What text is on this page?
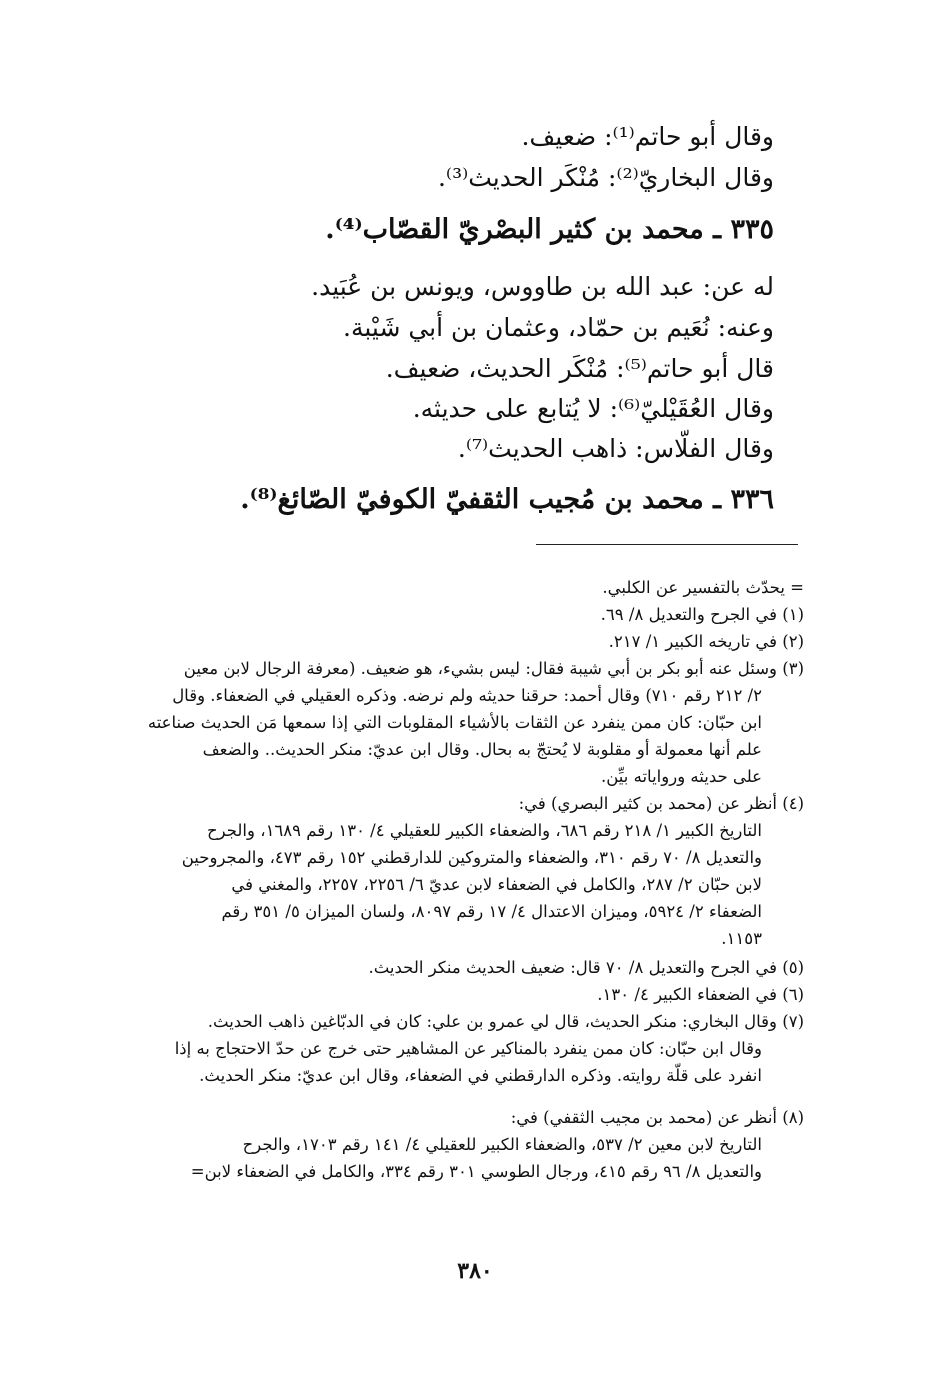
وقال أبو حاتم⁽¹⁾: ضعيف.
وقال البخاريّ⁽²⁾: مُنْكَر الحديث⁽³⁾.
٣٣٥ ـ محمد بن كثير البصْريّ القصّاب⁽⁴⁾.
له عن: عبد الله بن طاووس، ويونس بن عُبَيد.
وعنه: نُعَيم بن حمّاد، وعثمان بن أبي شَيْبة.
قال أبو حاتم⁽⁵⁾: مُنْكَر الحديث، ضعيف.
وقال العُقَيْليّ⁽⁶⁾: لا يُتابع على حديثه.
وقال الفلّاس: ذاهب الحديث⁽⁷⁾.
٣٣٦ ـ محمد بن مُجيب الثقفيّ الكوفيّ الصّائغ⁽⁸⁾.
= يحدّث بالتفسير عن الكلبي.
(١) في الجرح والتعديل ٨/ ٦٩.
(٢) في تاريخه الكبير ١/ ٢١٧.
(٣) وسئل عنه أبو بكر بن أبي شيبة فقال: ليس بشيء، هو ضعيف. (معرفة الرجال لابن معين
٢/ ٢١٢ رقم ٧١٠) وقال أحمد: حرقنا حديثه ولم نرضه. وذكره العقيلي في الضعفاء. وقال
ابن حبّان: كان ممن ينفرد عن الثقات بالأشياء المقلوبات التي إذا سمعها مَن الحديث صناعته
علم أنها معمولة أو مقلوبة لا يُحتجّ به بحال. وقال ابن عديّ: منكر الحديث.. والضعف
على حديثه ورواياته بيِّن.
(٤) أنظر عن (محمد بن كثير البصري) في:
التاريخ الكبير ١/ ٢١٨ رقم ٦٨٦، والضعفاء الكبير للعقيلي ٤/ ١٣٠ رقم ١٦٨٩، والجرح
والتعديل ٨/ ٧٠ رقم ٣١٠، والضعفاء والمتروكين للدارقطني ١٥٢ رقم ٤٧٣، والمجروحين
لابن حبّان ٢/ ٢٨٧، والكامل في الضعفاء لابن عديّ ٦/ ٢٢٥٦، ٢٢٥٧، والمغني في
الضعفاء ٢/ ٥٩٢٤، وميزان الاعتدال ٤/ ١٧ رقم ٨٠٩٧، ولسان الميزان ٥/ ٣٥١ رقم
١١٥٣.
(٥) في الجرح والتعديل ٨/ ٧٠ قال: ضعيف الحديث منكر الحديث.
(٦) في الضعفاء الكبير ٤/ ١٣٠.
(٧) وقال البخاري: منكر الحديث، قال لي عمرو بن علي: كان في الدبّاغين ذاهب الحديث.
وقال ابن حبّان: كان ممن ينفرد بالمناكير عن المشاهير حتى خرج عن حدّ الاحتجاج به إذا
انفرد على قلّة روايته. وذكره الدارقطني في الضعفاء، وقال ابن عديّ: منكر الحديث.
(٨) أنظر عن (محمد بن مجيب الثقفي) في:
التاريخ لابن معين ٢/ ٥٣٧، والضعفاء الكبير للعقيلي ٤/ ١٤١ رقم ١٧٠٣، والجرح
والتعديل ٨/ ٩٦ رقم ٤١٥، ورجال الطوسي ٣٠١ رقم ٣٣٤، والكامل في الضعفاء لابن=
٣٨٠
